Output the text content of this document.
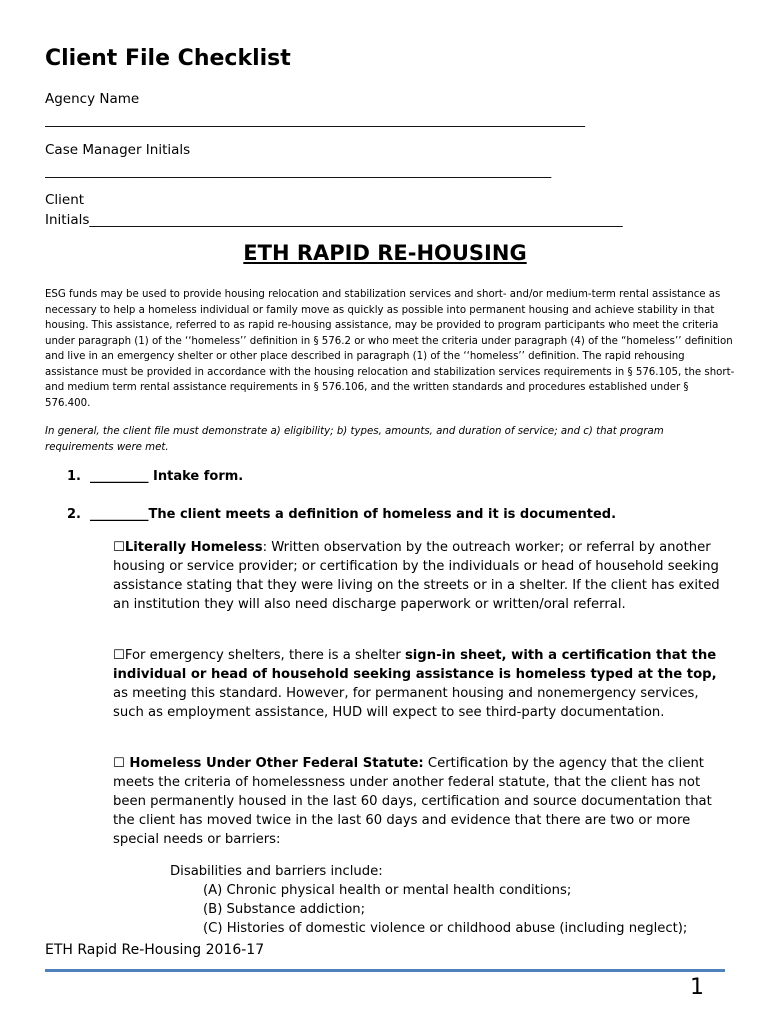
Client File Checklist
Agency Name
________________________________________________________________________________
Case Manager Initials
___________________________________________________________________________
Client
Initials_______________________________________________________________________________
ETH RAPID RE-HOUSING
ESG funds may be used to provide housing relocation and stabilization services and short- and/or medium-term rental assistance as necessary to help a homeless individual or family move as quickly as possible into permanent housing and achieve stability in that housing. This assistance, referred to as rapid re-housing assistance, may be provided to program participants who meet the criteria under paragraph (1) of the ‘‘homeless’’ definition in § 576.2 or who meet the criteria under paragraph (4) of the “homeless’’ definition and live in an emergency shelter or other place described in paragraph (1) of the ‘‘homeless’’ definition. The rapid rehousing assistance must be provided in accordance with the housing relocation and stabilization services requirements in § 576.105, the short- and medium term rental assistance requirements in § 576.106, and the written standards and procedures established under § 576.400.
In general, the client file must demonstrate a) eligibility; b) types, amounts, and duration of service; and c) that program requirements were met.
1. _________ Intake form.
2. _________The client meets a definition of homeless and it is documented.
☐Literally Homeless: Written observation by the outreach worker; or referral by another housing or service provider; or certification by the individuals or head of household seeking assistance stating that they were living on the streets or in a shelter. If the client has exited an institution they will also need discharge paperwork or written/oral referral.
☐For emergency shelters, there is a shelter sign-in sheet, with a certification that the individual or head of household seeking assistance is homeless typed at the top, as meeting this standard. However, for permanent housing and nonemergency services, such as employment assistance, HUD will expect to see third-party documentation.
☐ Homeless Under Other Federal Statute: Certification by the agency that the client meets the criteria of homelessness under another federal statute, that the client has not been permanently housed in the last 60 days, certification and source documentation that the client has moved twice in the last 60 days and evidence that there are two or more special needs or barriers:
Disabilities and barriers include:
(A) Chronic physical health or mental health conditions;
(B) Substance addiction;
(C) Histories of domestic violence or childhood abuse (including neglect);
ETH Rapid Re-Housing 2016-17
1
